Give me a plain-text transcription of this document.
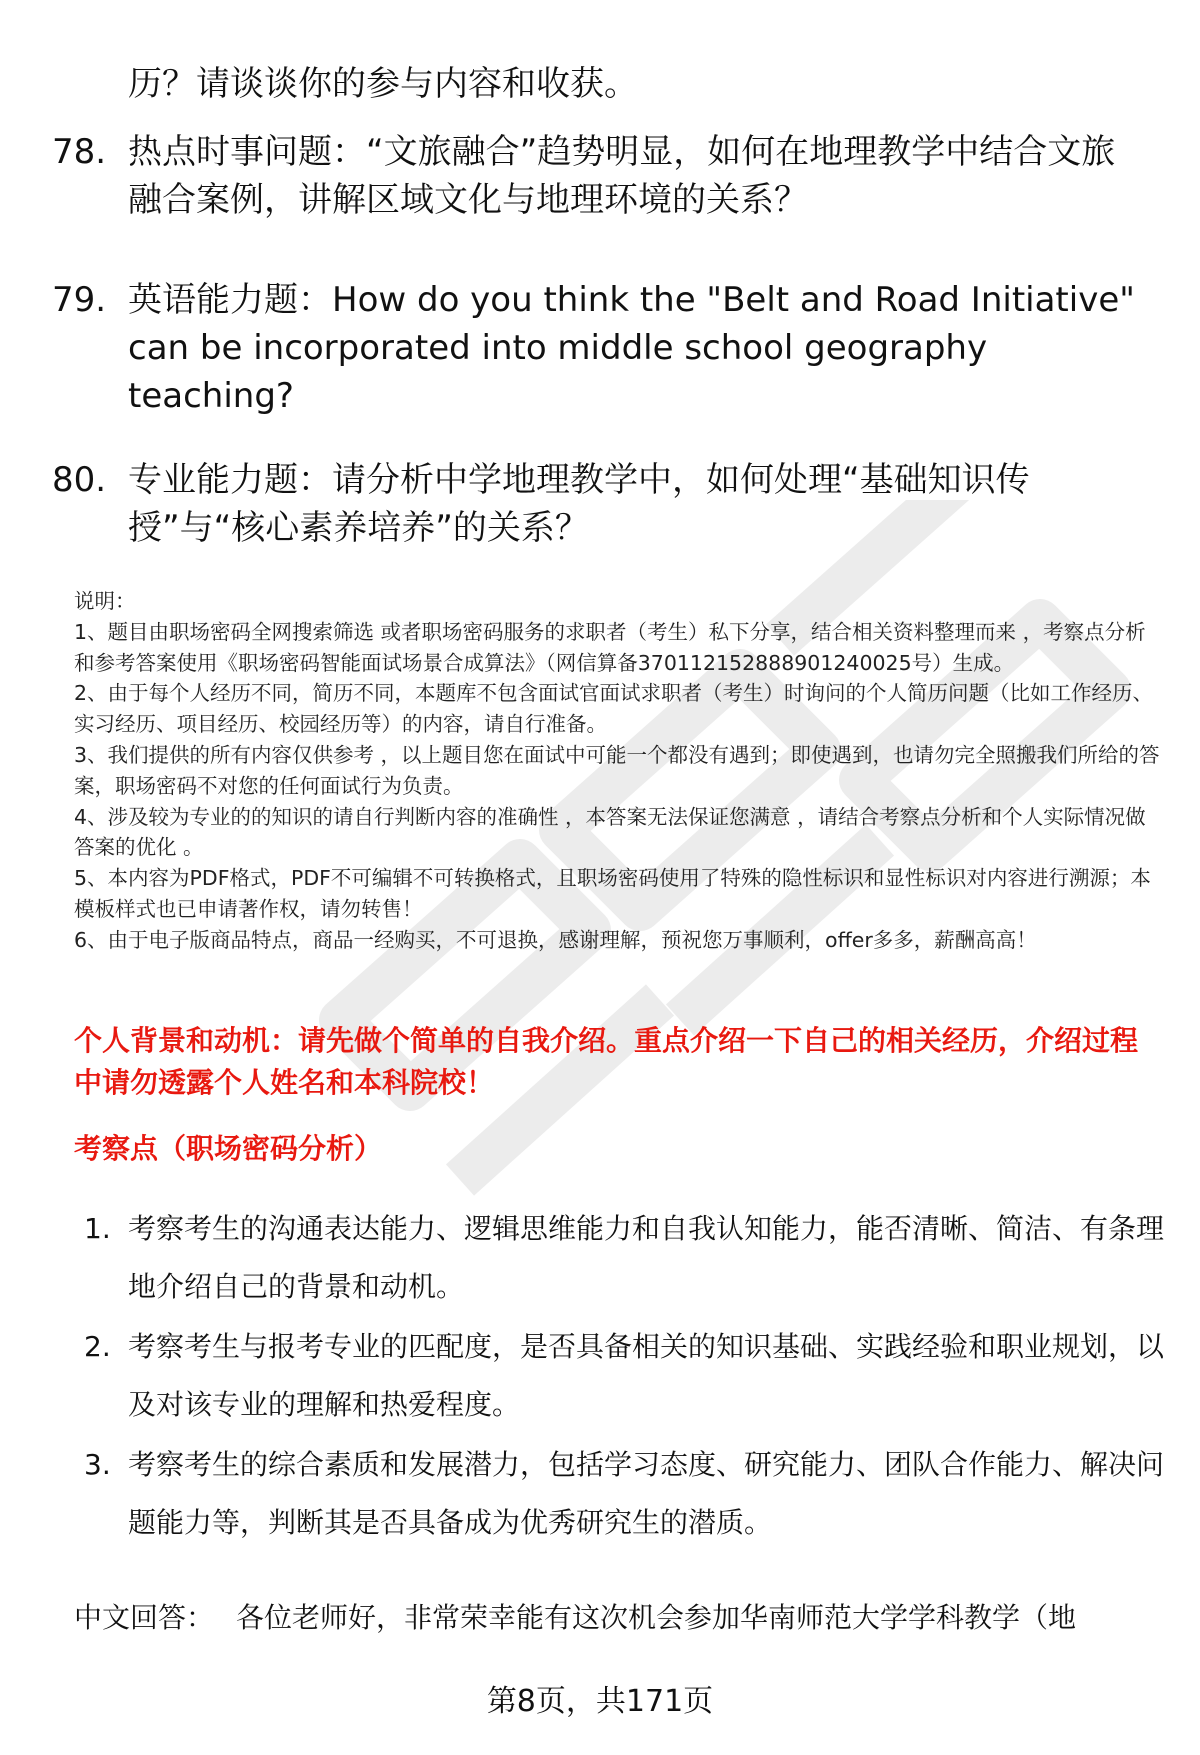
历？请谈谈你的参与内容和收获。
78. 热点时事问题：“文旅融合”趋势明显，如何在地理教学中结合文旅融合案例，讲解区域文化与地理环境的关系？
79. 英语能力题：How do you think the "Belt and Road Initiative" can be incorporated into middle school geography teaching?
80. 专业能力题：请分析中学地理教学中，如何处理“基础知识传授”与“核心素养培养”的关系？

说明：

1、题目由职场密码全网搜索筛选 或者职场密码服务的求职者（考生）私下分享，结合相关资料整理而来 ，考察点分析和参考答案使用《职场密码智能面试场景合成算法》（网信算备370112152888901240025号）生成。

2、由于每个人经历不同，简历不同，本题库不包含面试官面试求职者（考生）时询问的个人简历问题（比如工作经历、实习经历、项目经历、校园经历等）的内容，请自行准备。

3、我们提供的所有内容仅供参考 ，以上题目您在面试中可能一个都没有遇到；即使遇到，也请勿完全照搬我们所给的答案，职场密码不对您的任何面试行为负责。

4、涉及较为专业的的知识的请自行判断内容的准确性 ，本答案无法保证您满意 ，请结合考察点分析和个人实际情况做答案的优化 。

5、本内容为PDF格式，PDF不可编辑不可转换格式，且职场密码使用了特殊的隐性标识和显性标识对内容进行溯源；本模板样式也已申请著作权，请勿转售！

6、由于电子版商品特点，商品一经购买，不可退换，感谢理解，预祝您万事顺利，offer多多，薪酬高高！

个人背景和动机：请先做个简单的自我介绍。重点介绍一下自己的相关经历，介绍过程中请勿透露个人姓名和本科院校！
考察点（职场密码分析）
1. 考察考生的沟通表达能力、逻辑思维能力和自我认知能力，能否清晰、简洁、有条理地介绍自己的背景和动机。
2. 考察考生与报考专业的匹配度，是否具备相关的知识基础、实践经验和职业规划，以及对该专业的理解和热爱程度。
3. 考察考生的综合素质和发展潜力，包括学习态度、研究能力、团队合作能力、解决问题能力等，判断其是否具备成为优秀研究生的潜质。
中文回答： 各位老师好，非常荣幸能有这次机会参加华南师范大学学科教学（地
第8页，共171页
